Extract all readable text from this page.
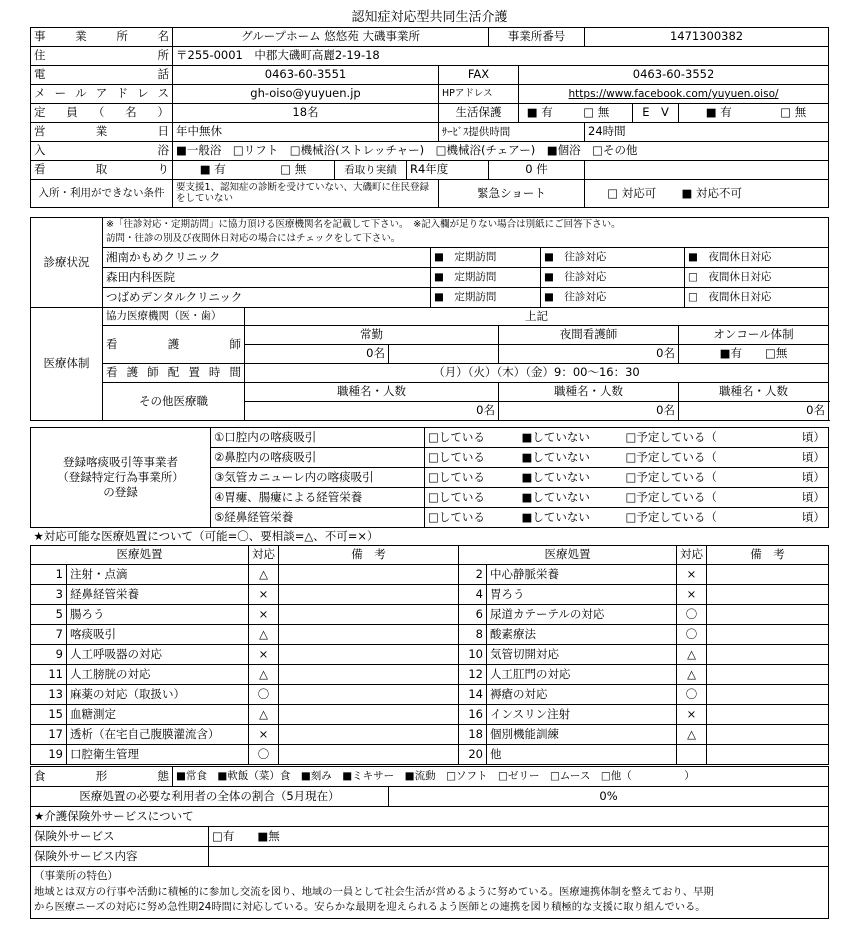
認知症対応型共同生活介護
事　業　所　名	グループホーム 悠悠苑 大磯事業所					事業所番号			1471300382			
住　　　　　　　所	〒255-0001　中郡大磯町高麗2-19-18											
電　　　　　　話	0463-60-3551				FAX		0463-60-3552					
メールアドレス	gh-oiso@yuyuen.jp				HPアドレス		https://www.facebook.com/yuyuen.oiso/					
定　員　（　名　）	18名				生活保護		■ 有	□ 無		E　V	■ 有	□ 無
営　　　業　　　日	年中無休				ｻｰﾋﾞｽ提供時間				24時間			
入　　　　　　浴	■一般浴　□リフト　□機械浴(ストレッチャー)　□機械浴(チェアー)　■個浴　□その他											
看　　　取　　　り	■ 有	□ 無	看取り実績	R4年度		0 件						
入所・利用ができない条件	要支援1、認知症の診断を受けていない、大磯町に住民登録をしていない				緊急ショート				□ 対応可		■ 対応不可	
診療状況	※「往診対応・定期訪問」に協力頂ける医療機関名を記載して下さい。　※記入欄が足りない場合は別紙にご回答下さい。			
	訪問・往診の別及び夜間休日対応の場合にはチェックをして下さい。			
	湘南かもめクリニック	■　定期訪問	■　往診対応	■　夜間休日対応
	森田内科医院	■　定期訪問	■　往診対応	□　夜間休日対応
	つばめデンタルクリニック	■　定期訪問	■　往診対応	□　夜間休日対応
医療体制	協力医療機関（医・歯）	上記			
	看　　　護　　　師	常勤		夜間看護師	オンコール体制
		0名		0名	■有　　 □無
	看護師配置時間	（月）（火）（木）（金）9：00～16：30			
	その他医療職	職種名・人数		職種名・人数	職種名・人数
		0名		0名	0名
登録喀痰吸引等事業者
（登録特定行為事業所）
の登録	①口腔内の喀痰吸引	□している	■していない	□予定している（	頃）
	②鼻腔内の喀痰吸引	□している	■していない	□予定している（	頃）
	③気管カニューレ内の喀痰吸引	□している	■していない	□予定している（	頃）
	④胃瘻、腸瘻による経管栄養	□している	■していない	□予定している（	頃）
	⑤経鼻経管栄養	□している	■していない	□予定している（	頃）
★対応可能な医療処置について（可能=〇、要相談=△、不可=×）							
医療処置		対応	備　考	医療処置		対応	備　考
1	注射・点滴	△		2	中心静脈栄養	×	
3	経鼻経管栄養	×		4	胃ろう	×	
5	腸ろう	×		6	尿道カテーテルの対応	〇	
7	喀痰吸引	△		8	酸素療法	〇	
9	人工呼吸器の対応	×		10	気管切開対応	△	
11	人工膀胱の対応	△		12	人工肛門の対応	△	
13	麻薬の対応（取扱い）	〇		14	褥瘡の対応	〇	
15	血糖測定	△		16	インスリン注射	×	
17	透析（在宅自己腹膜灌流含）	×		18	個別機能訓練	△	
19	口腔衛生管理	〇		20	他		
食　　　形　　　態	■常食　■軟飯（菜）食　■刻み　■ミキサー　■流動　□ソフト　□ゼリー　□ムース　□他（　　　　　）		
医療処置の必要な利用者の全体の割合（5月現在）			0%
★介護保険外サービスについて			
保険外サービス		□有　　 ■無	
保険外サービス内容			

（事業所の特色）
地域とは双方の行事や活動に積極的に参加し交流を図り、地域の一員として社会生活が営めるように努めている。医療連携体制を整えており、早期
から医療ニーズの対応に努め急性期24時間に対応している。安らかな最期を迎えられるよう医師との連携を図り積極的な支援に取り組んでいる。			
